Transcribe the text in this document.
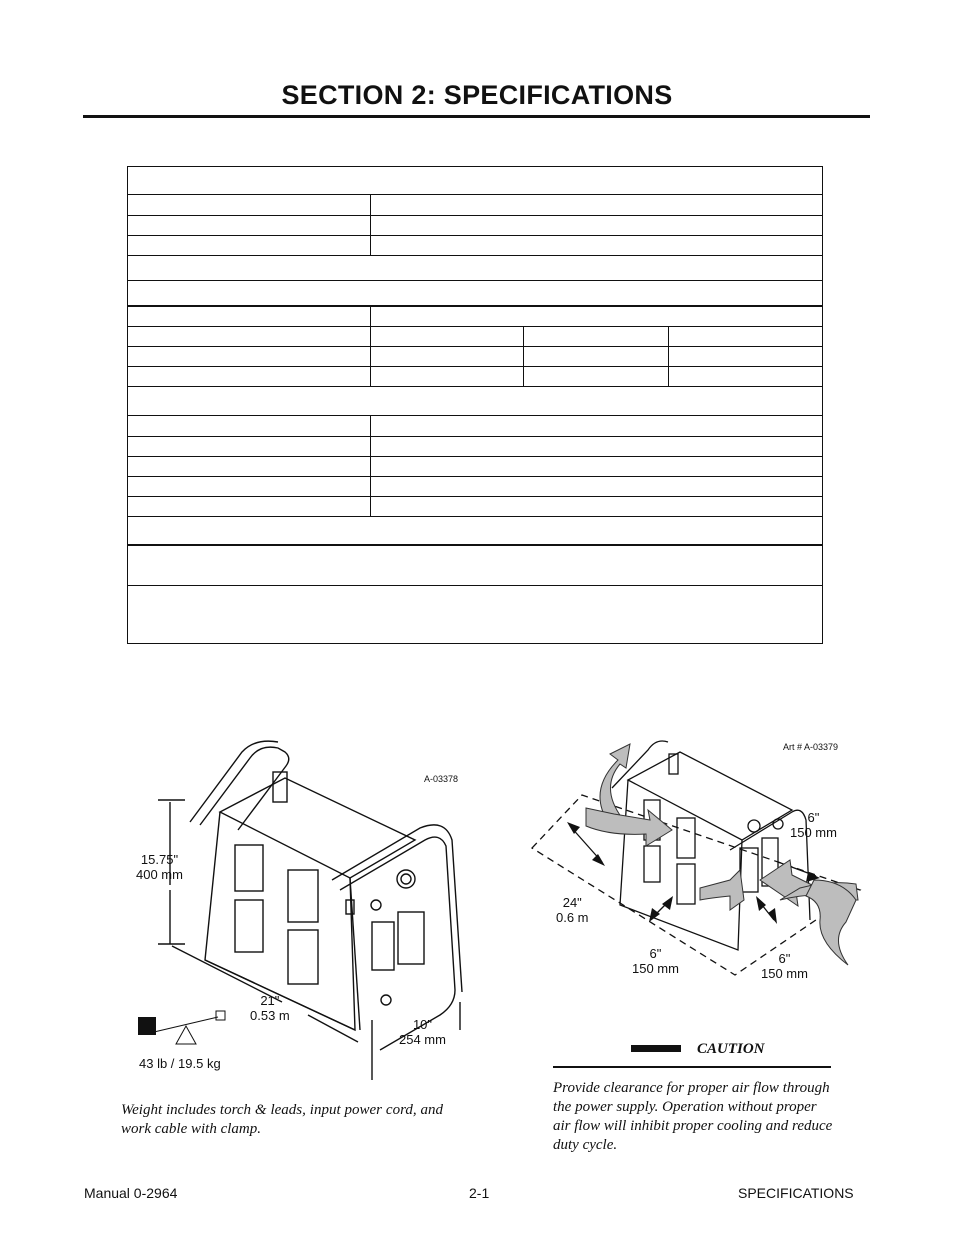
SECTION 2: SPECIFICATIONS
A-03378
15.75"
400 mm
21"
0.53 m
10"
254 mm
43 lb / 19.5 kg
Weight includes torch & leads, input power cord, and work cable with clamp.
Art # A-03379
6"
150 mm
24"
0.6 m
6"
150 mm
6"
150 mm
CAUTION
Provide clearance for proper air flow through the power supply. Operation without proper air flow will inhibit proper cooling and reduce duty cycle.
Manual 0-2964	2-1	SPECIFICATIONS
